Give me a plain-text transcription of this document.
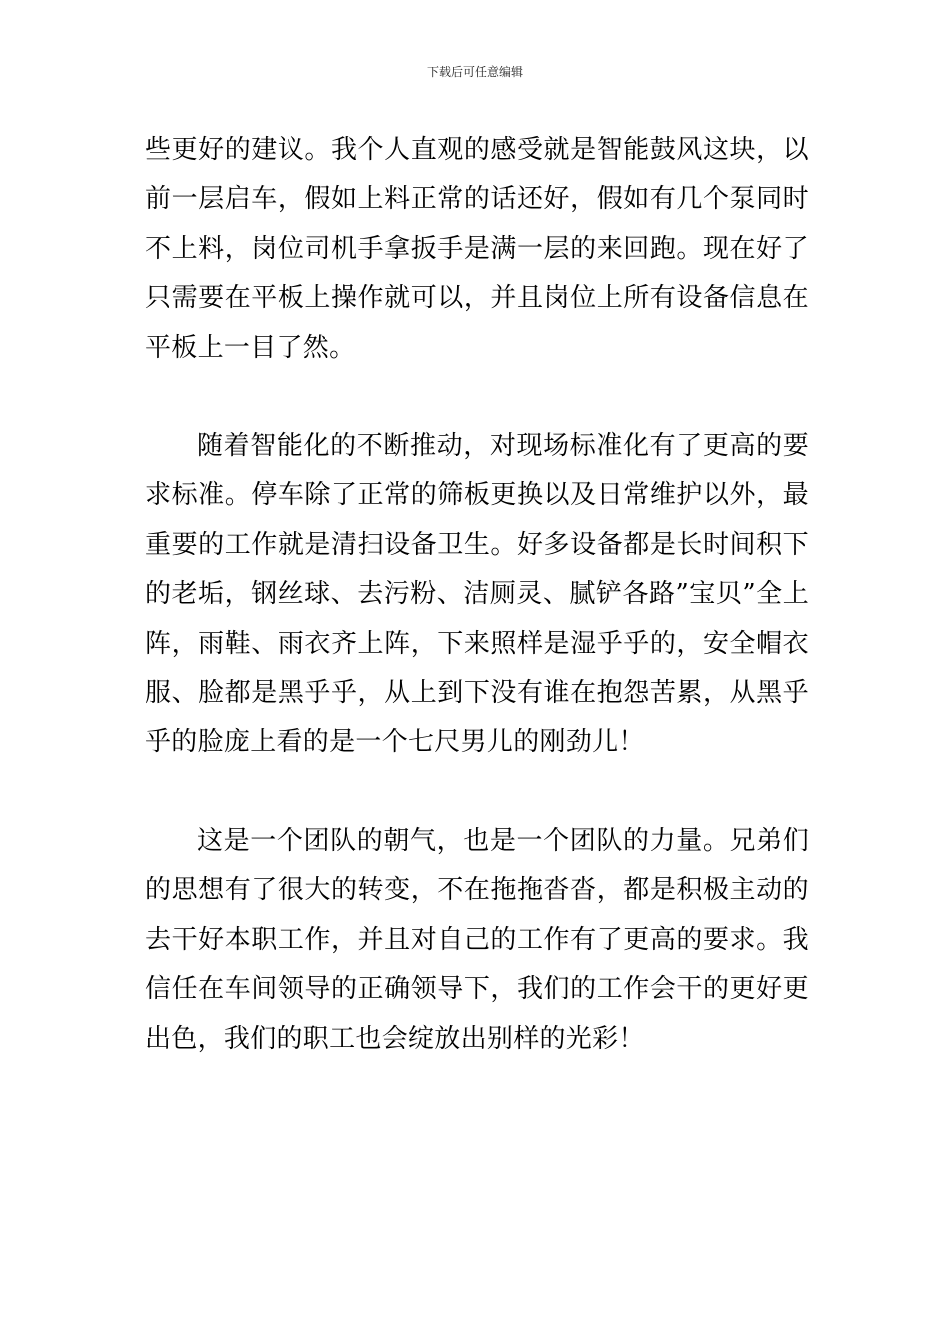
下载后可任意编辑

些更好的建议。我个人直观的感受就是智能鼓风这块，以前一层启车，假如上料正常的话还好，假如有几个泵同时不上料，岗位司机手拿扳手是满一层的来回跑。现在好了只需要在平板上操作就可以，并且岗位上所有设备信息在平板上一目了然。

随着智能化的不断推动，对现场标准化有了更高的要求标准。停车除了正常的筛板更换以及日常维护以外，最重要的工作就是清扫设备卫生。好多设备都是长时间积下的老垢，钢丝球、去污粉、洁厕灵、腻铲各路”宝贝”全上阵，雨鞋、雨衣齐上阵，下来照样是湿乎乎的，安全帽衣服、脸都是黑乎乎，从上到下没有谁在抱怨苦累，从黑乎乎的脸庞上看的是一个七尺男儿的刚劲儿！

这是一个团队的朝气，也是一个团队的力量。兄弟们的思想有了很大的转变，不在拖拖沓沓，都是积极主动的去干好本职工作，并且对自己的工作有了更高的要求。我信任在车间领导的正确领导下，我们的工作会干的更好更出色，我们的职工也会绽放出别样的光彩！
